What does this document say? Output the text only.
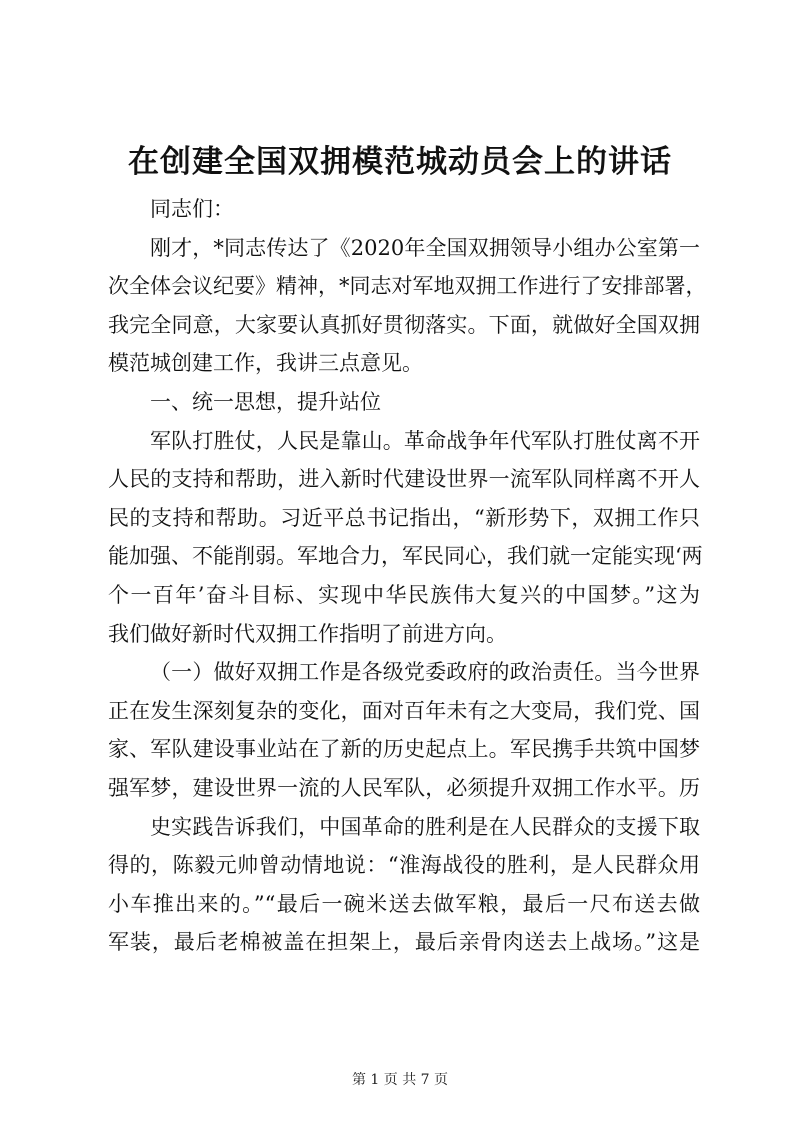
在创建全国双拥模范城动员会上的讲话
同志们：
刚才，*同志传达了《2020年全国双拥领导小组办公室第一
次全体会议纪要》精神，*同志对军地双拥工作进行了安排部署，
我完全同意，大家要认真抓好贯彻落实。下面，就做好全国双拥
模范城创建工作，我讲三点意见。
一、统一思想，提升站位
军队打胜仗，人民是靠山。革命战争年代军队打胜仗离不开
人民的支持和帮助，进入新时代建设世界一流军队同样离不开人
民的支持和帮助。习近平总书记指出，“新形势下，双拥工作只
能加强、不能削弱。军地合力，军民同心，我们就一定能实现‘两
个一百年’奋斗目标、实现中华民族伟大复兴的中国梦。”这为
我们做好新时代双拥工作指明了前进方向。
（一）做好双拥工作是各级党委政府的政治责任。当今世界
正在发生深刻复杂的变化，面对百年未有之大变局，我们党、国
家、军队建设事业站在了新的历史起点上。军民携手共筑中国梦
强军梦，建设世界一流的人民军队，必须提升双拥工作水平。历
史实践告诉我们，中国革命的胜利是在人民群众的支援下取
得的，陈毅元帅曾动情地说：“淮海战役的胜利，是人民群众用
小车推出来的。”“最后一碗米送去做军粮，最后一尺布送去做
军装，最后老棉被盖在担架上，最后亲骨肉送去上战场。”这是
第 1 页 共 7 页
